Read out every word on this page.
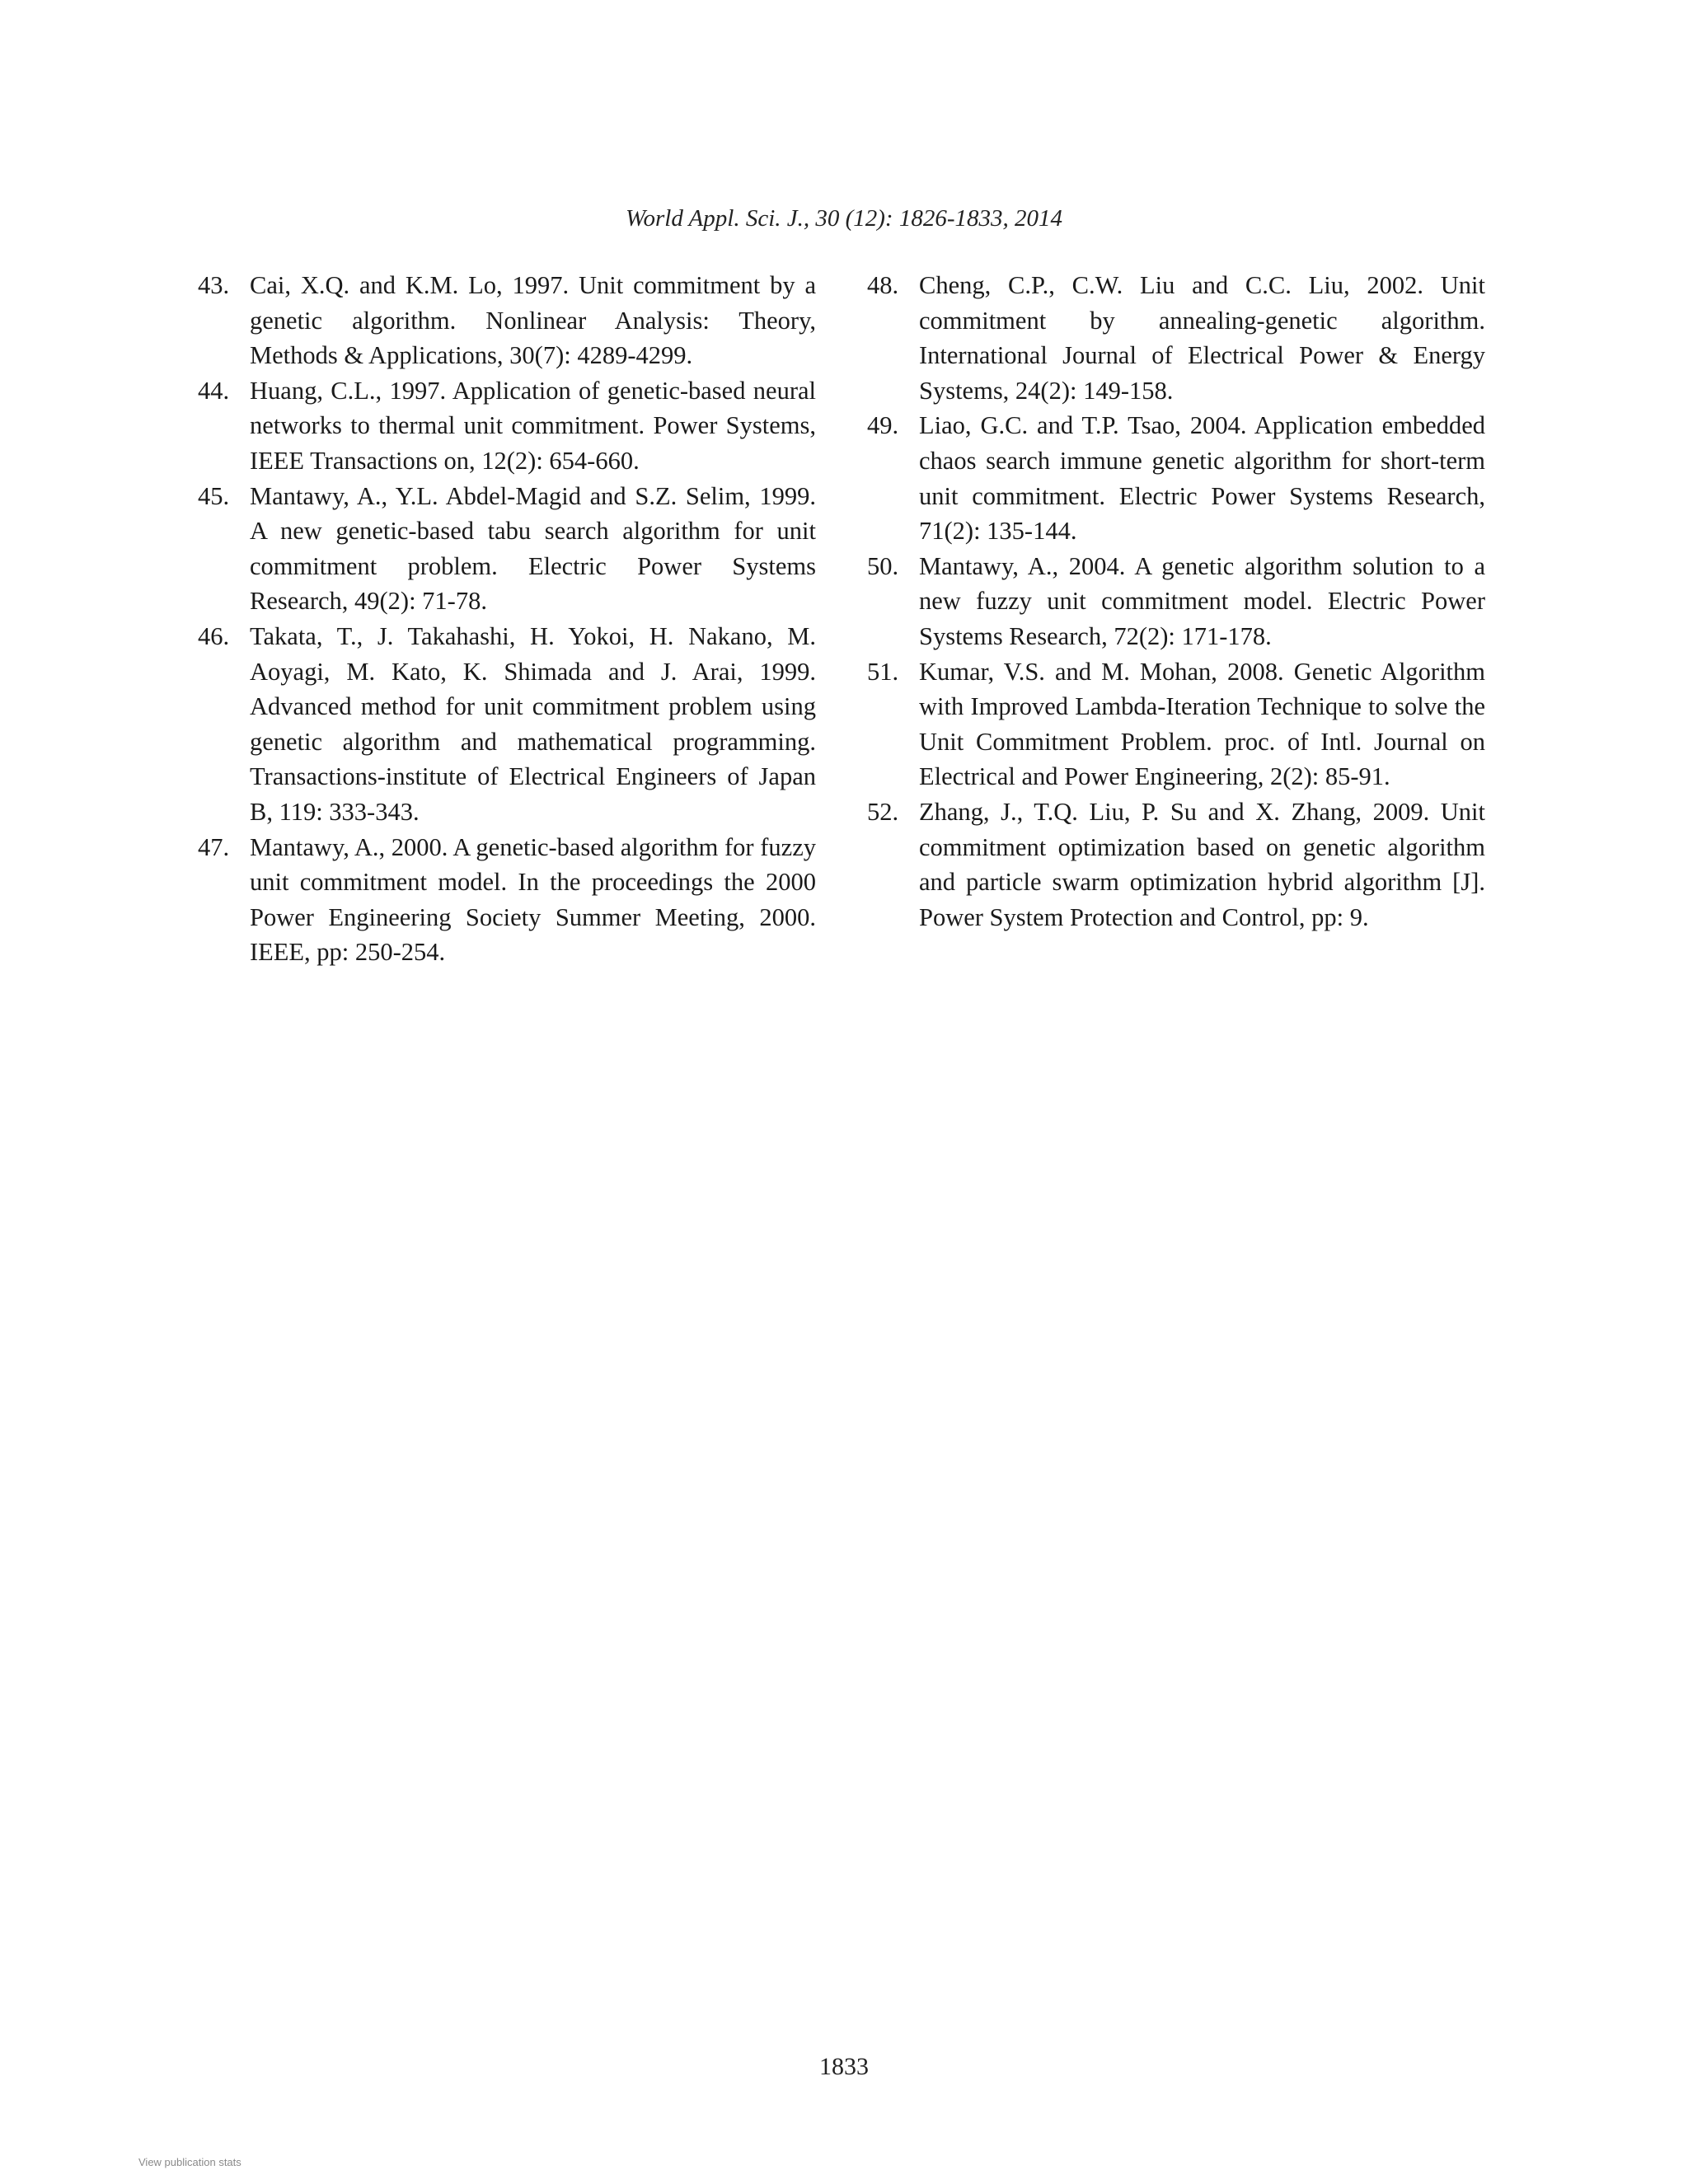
World Appl. Sci. J., 30 (12): 1826-1833, 2014
43. Cai, X.Q. and K.M. Lo, 1997. Unit commitment by a genetic algorithm. Nonlinear Analysis: Theory, Methods & Applications, 30(7): 4289-4299.
44. Huang, C.L., 1997. Application of genetic-based neural networks to thermal unit commitment. Power Systems, IEEE Transactions on, 12(2): 654-660.
45. Mantawy, A., Y.L. Abdel-Magid and S.Z. Selim, 1999. A new genetic-based tabu search algorithm for unit commitment problem. Electric Power Systems Research, 49(2): 71-78.
46. Takata, T., J. Takahashi, H. Yokoi, H. Nakano, M. Aoyagi, M. Kato, K. Shimada and J. Arai, 1999. Advanced method for unit commitment problem using genetic algorithm and mathematical programming. Transactions-institute of Electrical Engineers of Japan B, 119: 333-343.
47. Mantawy, A., 2000. A genetic-based algorithm for fuzzy unit commitment model. In the proceedings the 2000 Power Engineering Society Summer Meeting, 2000. IEEE, pp: 250-254.
48. Cheng, C.P., C.W. Liu and C.C. Liu, 2002. Unit commitment by annealing-genetic algorithm. International Journal of Electrical Power & Energy Systems, 24(2): 149-158.
49. Liao, G.C. and T.P. Tsao, 2004. Application embedded chaos search immune genetic algorithm for short-term unit commitment. Electric Power Systems Research, 71(2): 135-144.
50. Mantawy, A., 2004. A genetic algorithm solution to a new fuzzy unit commitment model. Electric Power Systems Research, 72(2): 171-178.
51. Kumar, V.S. and M. Mohan, 2008. Genetic Algorithm with Improved Lambda-Iteration Technique to solve the Unit Commitment Problem. proc. of Intl. Journal on Electrical and Power Engineering, 2(2): 85-91.
52. Zhang, J., T.Q. Liu, P. Su and X. Zhang, 2009. Unit commitment optimization based on genetic algorithm and particle swarm optimization hybrid algorithm [J]. Power System Protection and Control, pp: 9.
1833
View publication stats
